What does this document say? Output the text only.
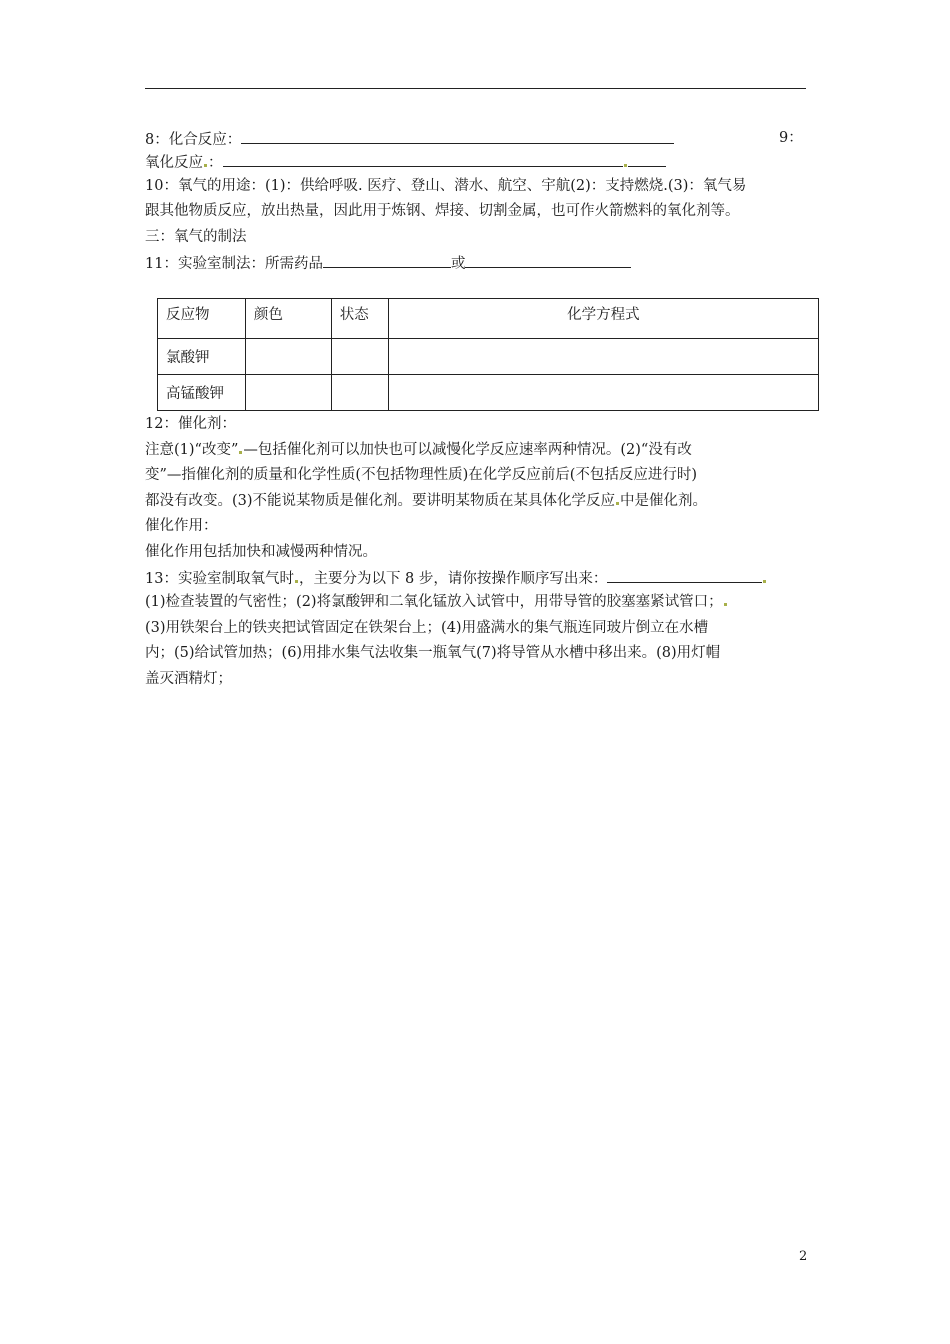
8：化合反应：	9：
氧化反应 ：
10：氧气的用途：(1)：供给呼吸. 医疗、登山、潜水、航空、宇航(2)：支持燃烧.(3)：氧气易
跟其他物质反应，放出热量，因此用于炼钢、焊接、切割金属，也可作火箭燃料的氧化剂等。
三：氧气的制法
11：实验室制法：所需药品	或
反应物	颜色	状态	化学方程式
氯酸钾			
高锰酸钾			
12：催化剂：
注意(1)“改变” —包括催化剂可以加快也可以减慢化学反应速率两种情况。(2)“没有改
变”—指催化剂的质量和化学性质(不包括物理性质)在化学反应前后(不包括反应进行时)
都没有改变。(3)不能说某物质是催化剂。要讲明某物质在某具体化学反应 中是催化剂。
催化作用：
催化作用包括加快和减慢两种情况。
13：实验室制取氧气时 ，主要分为以下 8 步，请你按操作顺序写出来：
(1)检查装置的气密性；(2)将氯酸钾和二氧化锰放入试管中，用带导管的胶塞塞紧试管口；
(3)用铁架台上的铁夹把试管固定在铁架台上；(4)用盛满水的集气瓶连同玻片倒立在水槽
内；(5)给试管加热；(6)用排水集气法收集一瓶氧气(7)将导管从水槽中移出来。(8)用灯帽
盖灭酒精灯；
2
